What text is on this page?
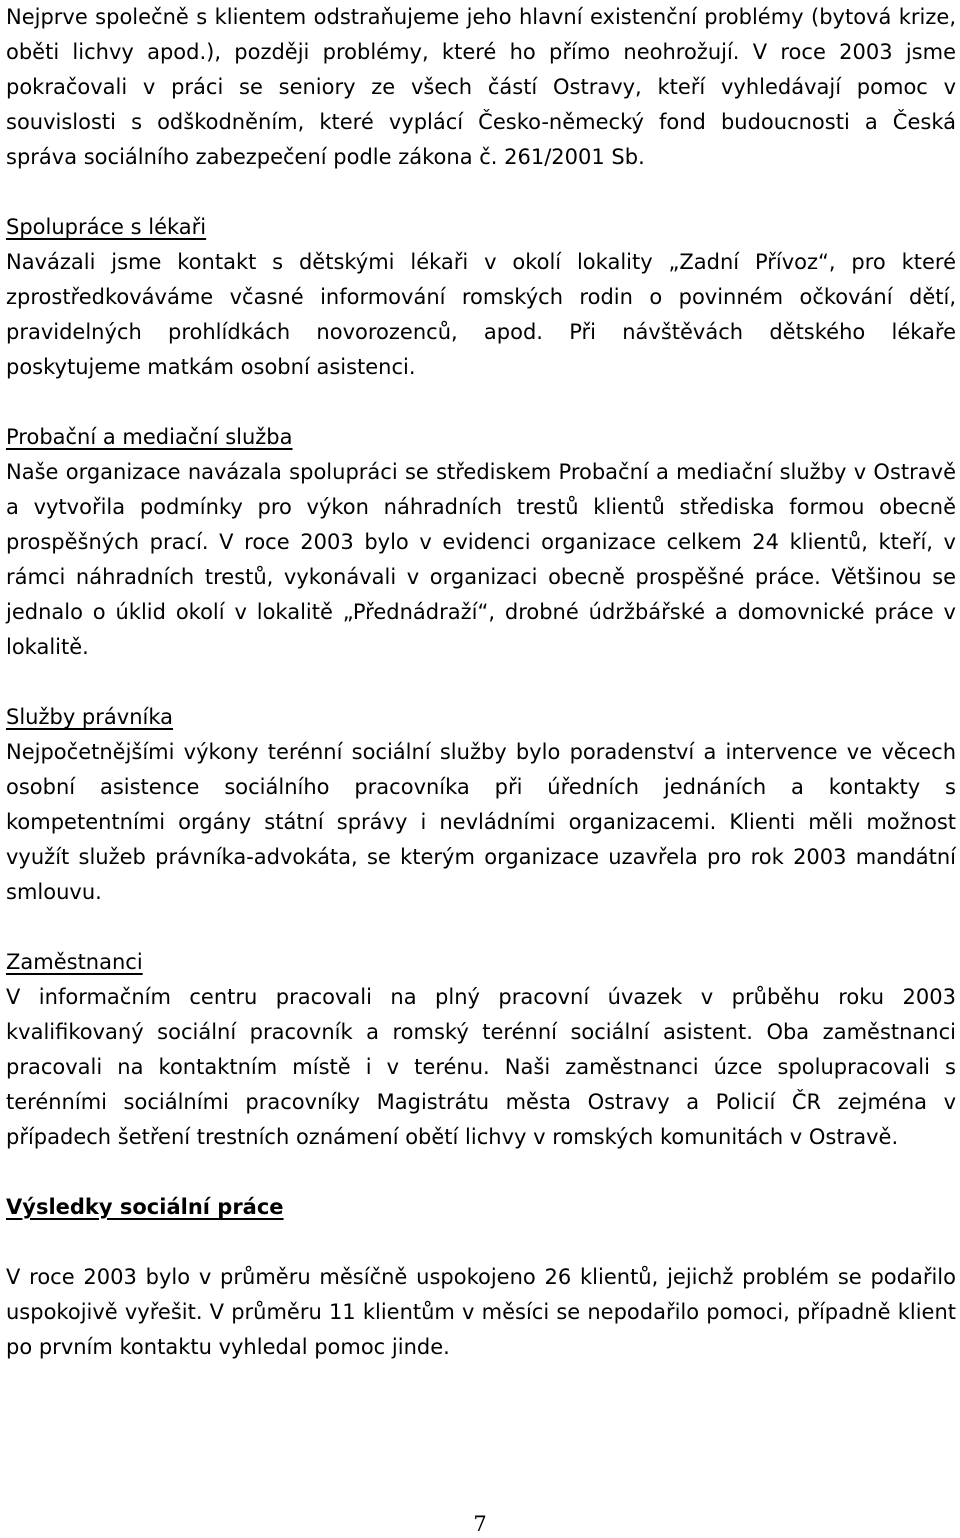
Nejprve společně s klientem odstraňujeme jeho hlavní existenční problémy (bytová krize, oběti lichvy apod.), později problémy, které ho přímo neohrožují. V roce 2003 jsme pokračovali v práci se seniory ze všech částí Ostravy, kteří vyhledávají pomoc v souvislosti s odškodněním, které vyplácí Česko-německý fond budoucnosti a Česká správa sociálního zabezpečení podle zákona č. 261/2001 Sb.

Spolupráce s lékaři

Navázali jsme kontakt s dětskými lékaři v okolí lokality „Zadní Přívoz“, pro které zprostředkováváme včasné informování romských rodin o povinném očkování dětí, pravidelných prohlídkách novorozenců, apod. Při návštěvách dětského lékaře poskytujeme matkám osobní asistenci.

Probační a mediační služba

Naše organizace navázala spolupráci se střediskem Probační a mediační služby v Ostravě a vytvořila podmínky pro výkon náhradních trestů klientů střediska formou obecně prospěšných prací. V roce 2003 bylo v evidenci organizace celkem 24 klientů, kteří, v rámci náhradních trestů, vykonávali v organizaci obecně prospěšné práce. Většinou se jednalo o úklid okolí v lokalitě „Přednádraží“, drobné údržbářské a domovnické práce v lokalitě.

Služby právníka

Nejpočetnějšími výkony terénní sociální služby bylo poradenství a intervence ve věcech osobní asistence sociálního pracovníka při úředních jednáních a kontakty s kompetentními orgány státní správy i nevládními organizacemi. Klienti měli možnost využít služeb právníka-advokáta, se kterým organizace uzavřela pro rok 2003 mandátní smlouvu.

Zaměstnanci

V informačním centru pracovali na plný pracovní úvazek v průběhu roku 2003 kvalifikovaný sociální pracovník a romský terénní sociální asistent. Oba zaměstnanci pracovali na kontaktním místě i v terénu. Naši zaměstnanci úzce spolupracovali s terénními sociálními pracovníky Magistrátu města Ostravy a Policií ČR zejména v případech šetření trestních oznámení obětí lichvy v romských komunitách v Ostravě.

Výsledky sociální práce

V roce 2003 bylo v průměru měsíčně uspokojeno 26 klientů, jejichž problém se podařilo uspokojivě vyřešit. V průměru 11 klientům v měsíci se nepodařilo pomoci, případně klient po prvním kontaktu vyhledal pomoc jinde.

7
